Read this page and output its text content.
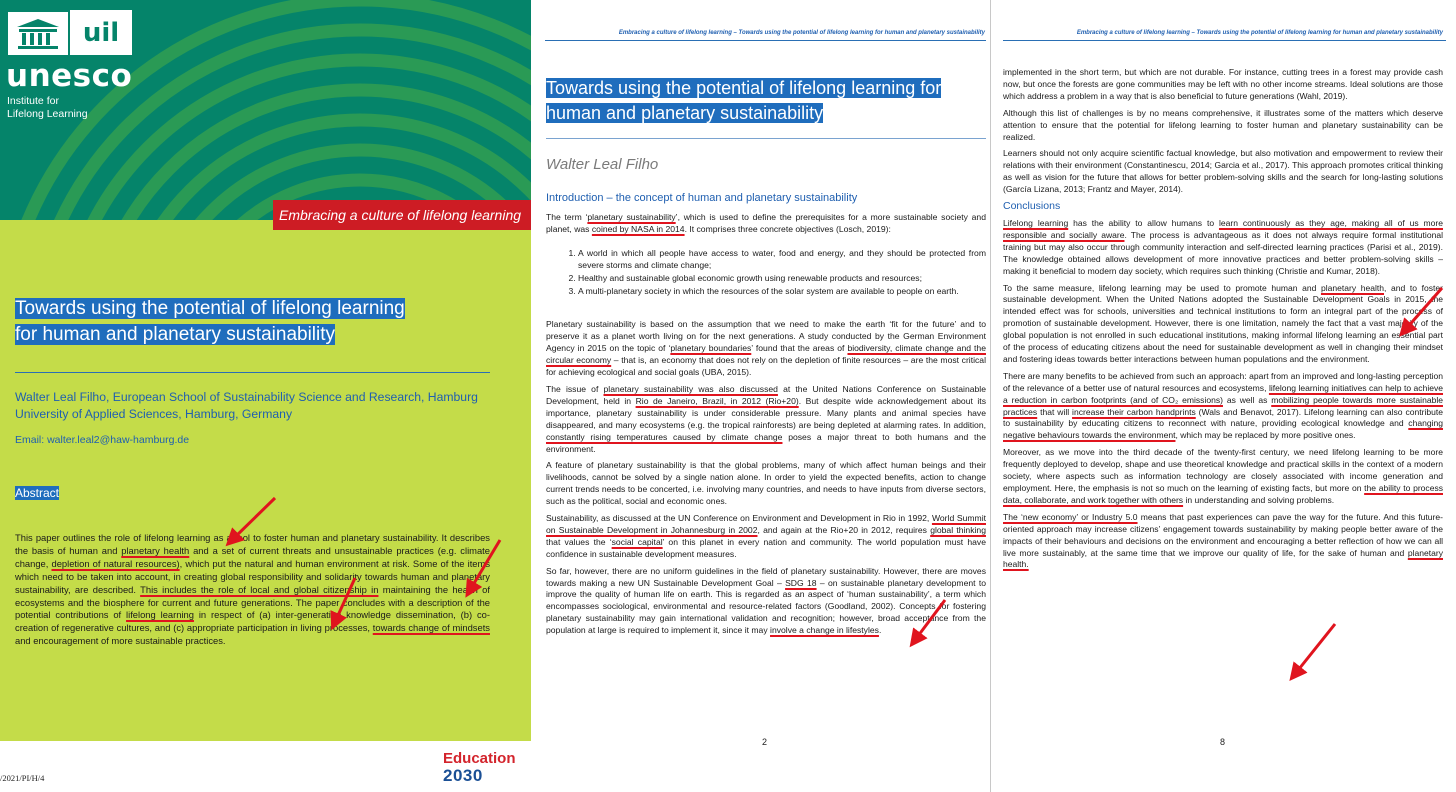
uil
unesco
Institute for
Lifelong Learning
Embracing a culture of lifelong learning
Towards using the potential of lifelong learning
for human and planetary sustainability
Walter Leal Filho, European School of Sustainability Science and Research, Hamburg University of Applied Sciences, Hamburg, Germany
Email: walter.leal2@haw-hamburg.de
Abstract
This paper outlines the role of lifelong learning as a tool to foster human and planetary sustainability. It describes the basis of human and planetary health and a set of current threats and unsustainable practices (e.g. climate change, depletion of natural resources), which put the natural and human environment at risk. Some of the items which need to be taken into account, in creating global responsibility and solidarity towards human and planetary sustainability, are described. This includes the role of local and global citizenship in maintaining the health of ecosystems and the biosphere for current and future generations. The paper concludes with a description of the potential contributions of lifelong learning in respect of (a) inter-generation knowledge dissemination, (b) co-creation of regenerative cultures, and (c) appropriate participation in living processes, towards change of mindsets and encouragement of more sustainable practices.
/2021/PI/H/4
Education
2030
Embracing a culture of lifelong learning – Towards using the potential of lifelong learning for human and planetary sustainability
Towards using the potential of lifelong learning for
human and planetary sustainability
Walter Leal Filho
Introduction – the concept of human and planetary sustainability

The term ‘planetary sustainability’, which is used to define the prerequisites for a more sustainable society and planet, was coined by NASA in 2014. It comprises three concrete objectives (Losch, 2019):

1. A world in which all people have access to water, food and energy, and they should be protected from severe storms and climate change;
2. Healthy and sustainable global economic growth using renewable products and resources;
3. A multi-planetary society in which the resources of the solar system are available to people on earth.

Planetary sustainability is based on the assumption that we need to make the earth ‘fit for the future’ and to preserve it as a planet worth living on for the next generations. A study conducted by the German Environment Agency in 2015 on the topic of ‘planetary boundaries’ found that the areas of biodiversity, climate change and the circular economy – that is, an economy that does not rely on the depletion of finite resources – are the most critical for achieving ecological and social goals (UBA, 2015).

The issue of planetary sustainability was also discussed at the United Nations Conference on Sustainable Development, held in Rio de Janeiro, Brazil, in 2012 (Rio+20). But despite wide acknowledgement about its importance, planetary sustainability is under considerable pressure. Many plants and animal species have disappeared, and many ecosystems (e.g. the tropical rainforests) are being depleted at alarming rates. In addition, constantly rising temperatures caused by climate change poses a major threat to both humans and the environment.

A feature of planetary sustainability is that the global problems, many of which affect human beings and their livelihoods, cannot be solved by a single nation alone. In order to yield the expected benefits, action to change current trends needs to be concerted, i.e. involving many countries, and needs to have inputs from diverse sectors, such as the political, social and economic ones.

Sustainability, as discussed at the UN Conference on Environment and Development in Rio in 1992, World Summit on Sustainable Development in Johannesburg in 2002, and again at the Rio+20 in 2012, requires global thinking that values the ‘social capital’ on this planet in every nation and community. The world population must have confidence in sustainable development measures.

So far, however, there are no uniform guidelines in the field of planetary sustainability. However, there are moves towards making a new UN Sustainable Development Goal – SDG 18 – on sustainable planetary development to improve the quality of human life on earth. This is regarded as an aspect of ‘human sustainability’, a term which encompasses sociological, environmental and resource-related factors (Goodland, 2002). Concepts for fostering planetary sustainability may gain international validation and recognition; however, broad acceptance from the population at large is required to implement it, since it may involve a change in lifestyles.

2
Embracing a culture of lifelong learning – Towards using the potential of lifelong learning for human and planetary sustainability

implemented in the short term, but which are not durable. For instance, cutting trees in a forest may provide cash now, but once the forests are gone communities may be left with no other income streams. Ideal solutions are those which address a problem in a way that is also beneficial to future generations (Wahl, 2019).

Although this list of challenges is by no means comprehensive, it illustrates some of the matters which deserve attention to ensure that the potential for lifelong learning to foster human and planetary sustainability can be realized.

Learners should not only acquire scientific factual knowledge, but also motivation and empowerment to review their relations with their environment (Constantinescu, 2014; Garcia et al., 2017). This approach promotes critical thinking as well as vision for the future that allows for better problem-solving skills and the search for long-lasting solutions (García Lizana, 2013; Frantz and Mayer, 2014).

Conclusions

Lifelong learning has the ability to allow humans to learn continuously as they age, making all of us more responsible and socially aware. The process is advantageous as it does not always require formal institutional training but may also occur through community interaction and self-directed learning practices (Parisi et al., 2019). The knowledge obtained allows development of more innovative practices and better problem-solving skills – making it beneficial to modern day society, which requires such thinking (Christie and Kumar, 2018).

To the same measure, lifelong learning may be used to promote human and planetary health, and to foster sustainable development. When the United Nations adopted the Sustainable Development Goals in 2015, the intended effect was for schools, universities and technical institutions to form an integral part of the process of promotion of sustainable development. However, there is one limitation, namely the fact that a vast majority of the global population is not enrolled in such educational institutions, making informal lifelong learning an essential part of the process of educating citizens about the need for sustainable development as well in changing their mindset and fostering ideas towards better interactions between human populations and the environment.

There are many benefits to be achieved from such an approach: apart from an improved and long-lasting perception of the relevance of a better use of natural resources and ecosystems, lifelong learning initiatives can help to achieve a reduction in carbon footprints (and of CO₂ emissions) as well as mobilizing people towards more sustainable practices that will increase their carbon handprints (Wals and Benavot, 2017). Lifelong learning can also contribute to sustainability by educating citizens to reconnect with nature, providing ecological knowledge and changing negative behaviours towards the environment, which may be replaced by more positive ones.

Moreover, as we move into the third decade of the twenty-first century, we need lifelong learning to be more frequently deployed to develop, shape and use theoretical knowledge and practical skills in the context of a modern society, where aspects such as information technology are closely associated with income generation and employment. Here, the emphasis is not so much on the learning of existing facts, but more on the ability to process data, collaborate, and work together with others in understanding and solving problems.

The ‘new economy’ or Industry 5.0 means that past experiences can pave the way for the future. And this future-oriented approach may increase citizens’ engagement towards sustainability by making people better aware of the impacts of their behaviours and decisions on the environment and encouraging a better reflection of how we can all live more sustainably, at the same time that we improve our quality of life, for the sake of human and planetary health.

8
